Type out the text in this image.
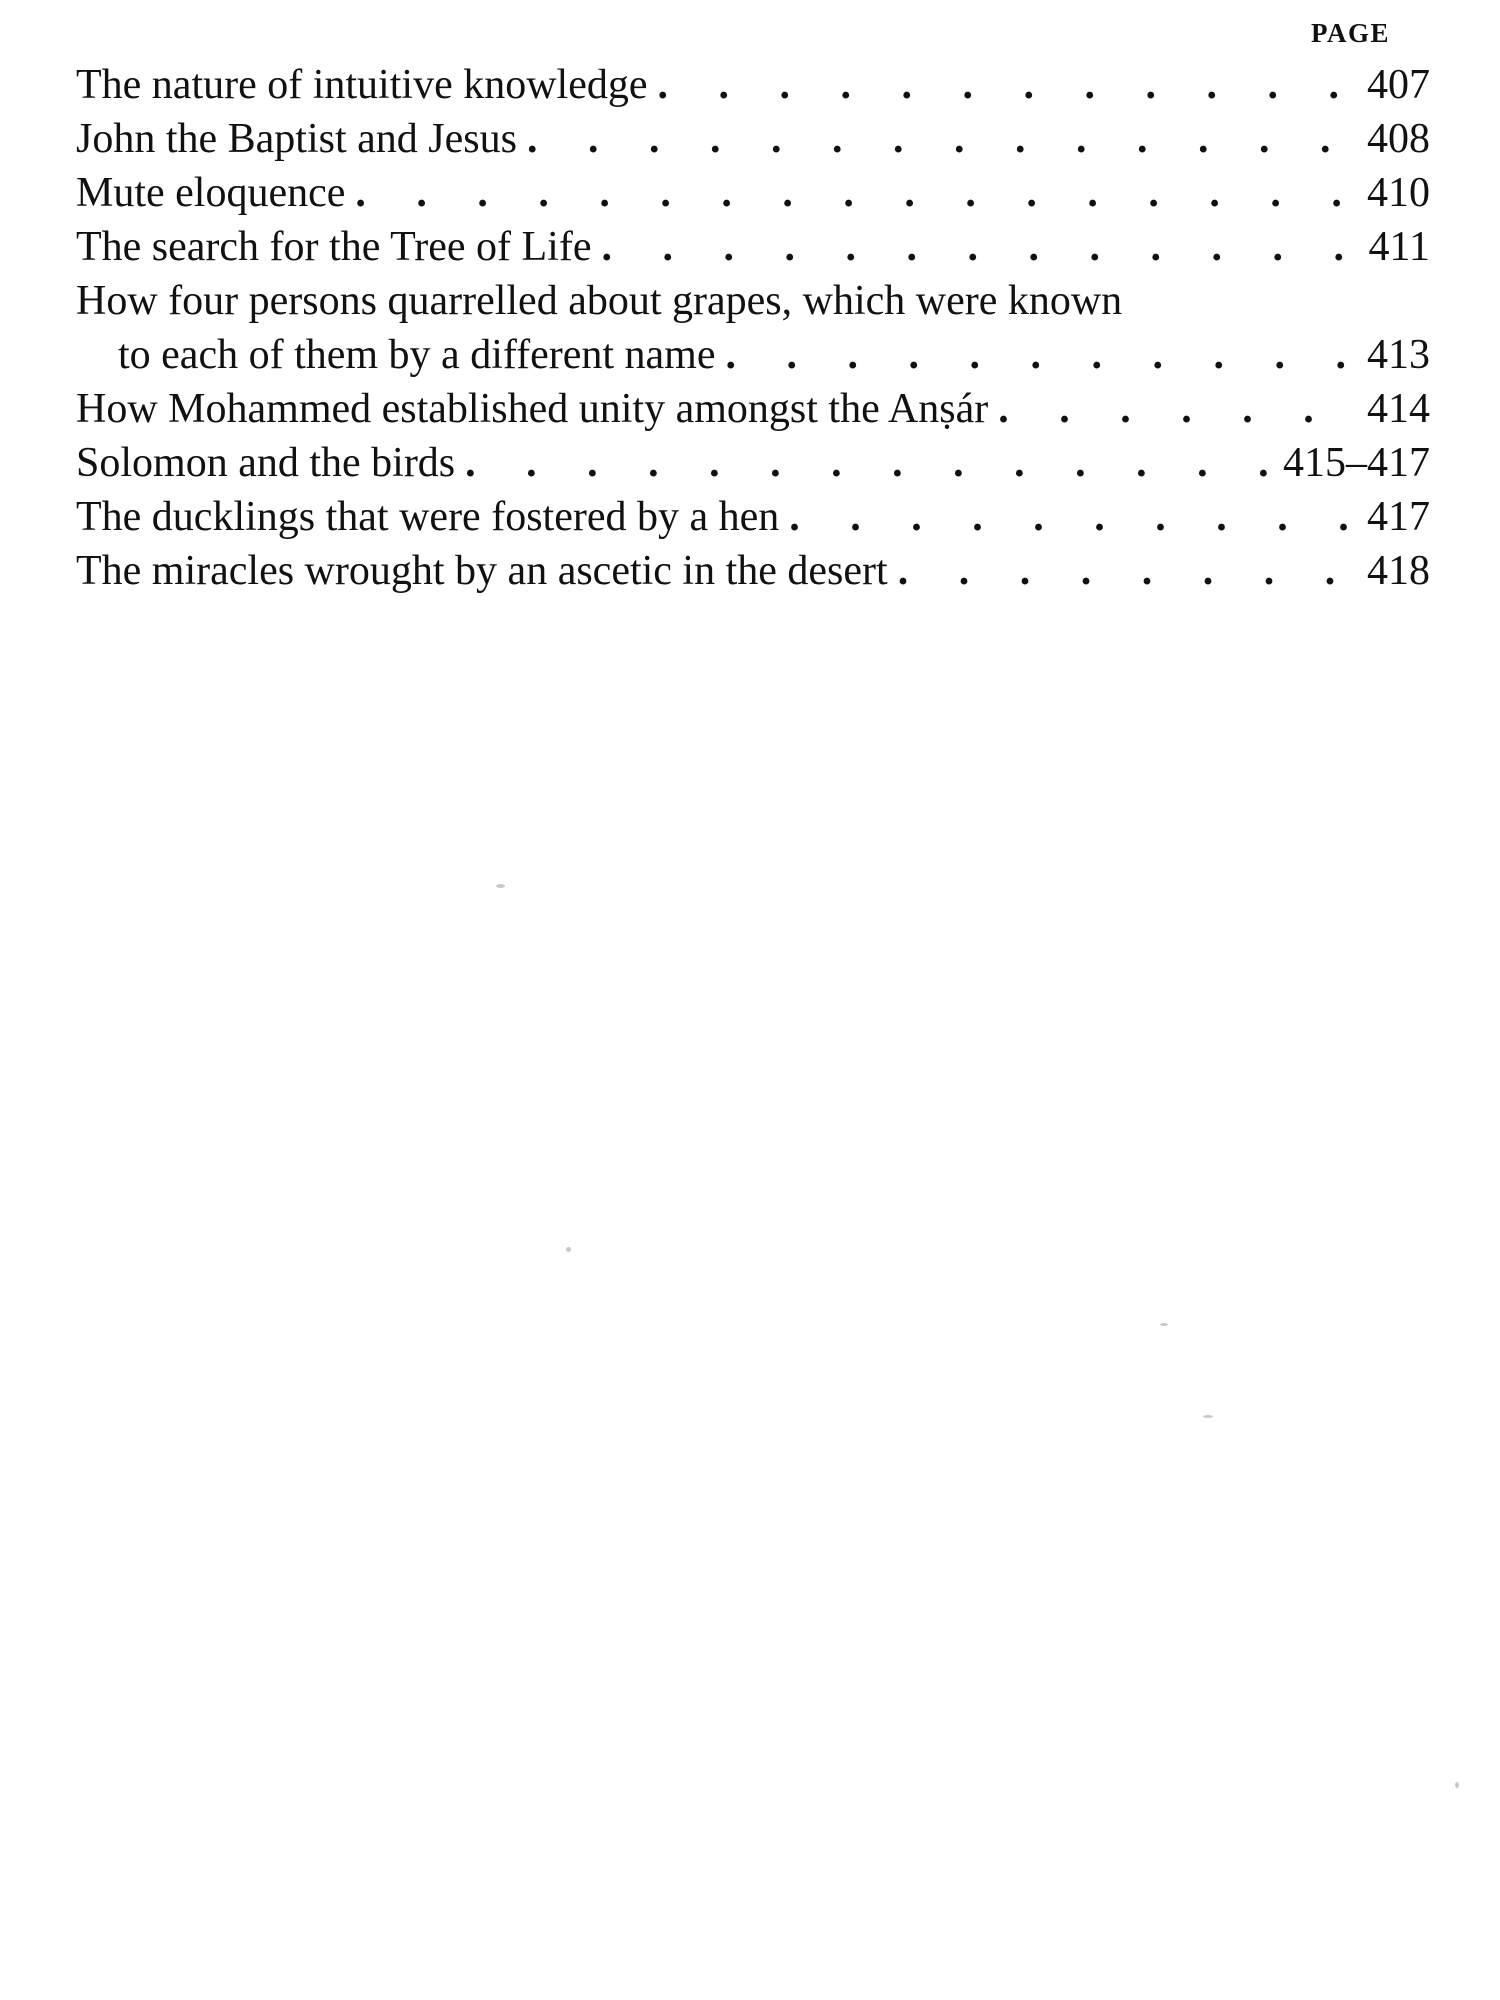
PAGE
The nature of intuitive knowledge . . .	407
John the Baptist and Jesus . . .	408
Mute eloquence . . .	410
The search for the Tree of Life . . .	411
How four persons quarrelled about grapes, which were known
to each of them by a different name . . .	413
How Mohammed established unity amongst the Anṣár . . .	414
Solomon and the birds . . .	415–417
The ducklings that were fostered by a hen . . .	417
The miracles wrought by an ascetic in the desert . . .	418
